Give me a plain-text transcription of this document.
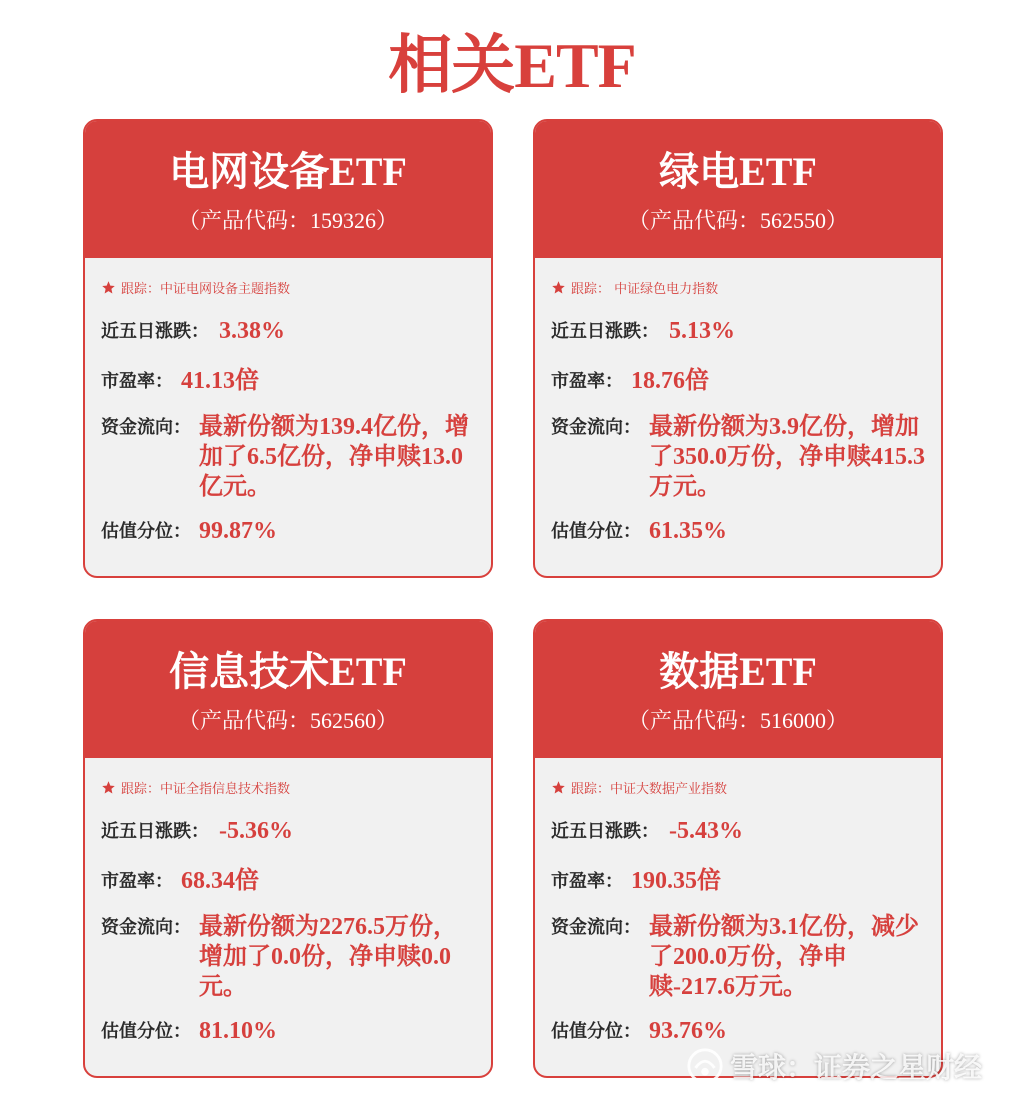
相关ETF
电网设备ETF
（产品代码：159326）
跟踪：中证电网设备主题指数
近五日涨跌： 3.38%
市盈率： 41.13倍
资金流向： 最新份额为139.4亿份，增加了6.5亿份，净申赎13.0亿元。
估值分位： 99.87%
绿电ETF
（产品代码：562550）
跟踪： 中证绿色电力指数
近五日涨跌： 5.13%
市盈率： 18.76倍
资金流向： 最新份额为3.9亿份，增加了350.0万份，净申赎415.3万元。
估值分位： 61.35%
信息技术ETF
（产品代码：562560）
跟踪：中证全指信息技术指数
近五日涨跌： -5.36%
市盈率： 68.34倍
资金流向： 最新份额为2276.5万份，增加了0.0份，净申赎0.0元。
估值分位： 81.10%
数据ETF
（产品代码：516000）
跟踪：中证大数据产业指数
近五日涨跌： -5.43%
市盈率： 190.35倍
资金流向： 最新份额为3.1亿份，减少了200.0万份，净申赎-217.6万元。
估值分位： 93.76%
雪球：证券之星财经
